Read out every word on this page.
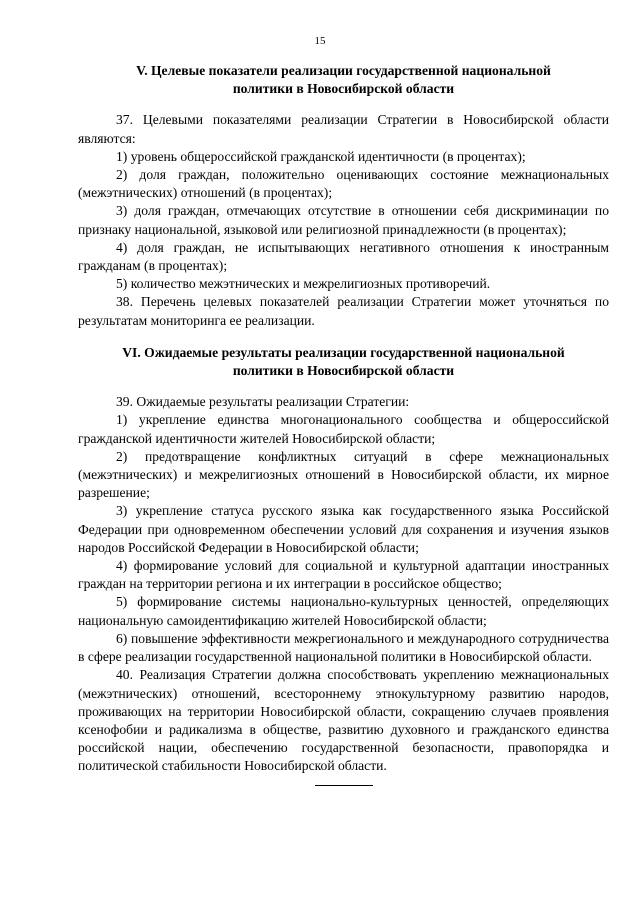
15
V. Целевые показатели реализации государственной национальной
политики в Новосибирской области

37. Целевыми показателями реализации Стратегии в Новосибирской области являются:

1) уровень общероссийской гражданской идентичности (в процентах);

2) доля граждан, положительно оценивающих состояние межнациональных (межэтнических) отношений (в процентах);

3) доля граждан, отмечающих отсутствие в отношении себя дискриминации по признаку национальной, языковой или религиозной принадлежности (в процентах);

4) доля граждан, не испытывающих негативного отношения к иностранным гражданам (в процентах);

5) количество межэтнических и межрелигиозных противоречий.

38. Перечень целевых показателей реализации Стратегии может уточняться по результатам мониторинга ее реализации.

VI. Ожидаемые результаты реализации государственной национальной
политики в Новосибирской области

39. Ожидаемые результаты реализации Стратегии:

1) укрепление единства многонационального сообщества и общероссийской гражданской идентичности жителей Новосибирской области;

2) предотвращение конфликтных ситуаций в сфере межнациональных (межэтнических) и межрелигиозных отношений в Новосибирской области, их мирное разрешение;

3) укрепление статуса русского языка как государственного языка Российской Федерации при одновременном обеспечении условий для сохранения и изучения языков народов Российской Федерации в Новосибирской области;

4) формирование условий для социальной и культурной адаптации иностранных граждан на территории региона и их интеграции в российское общество;

5) формирование системы национально-культурных ценностей, определяющих национальную самоидентификацию жителей Новосибирской области;

6) повышение эффективности межрегионального и международного сотрудничества в сфере реализации государственной национальной политики в Новосибирской области.

40. Реализация Стратегии должна способствовать укреплению межнациональных (межэтнических) отношений, всестороннему этнокультурному развитию народов, проживающих на территории Новосибирской области, сокращению случаев проявления ксенофобии и радикализма в обществе, развитию духовного и гражданского единства российской нации, обеспечению государственной безопасности, правопорядка и политической стабильности Новосибирской области.
